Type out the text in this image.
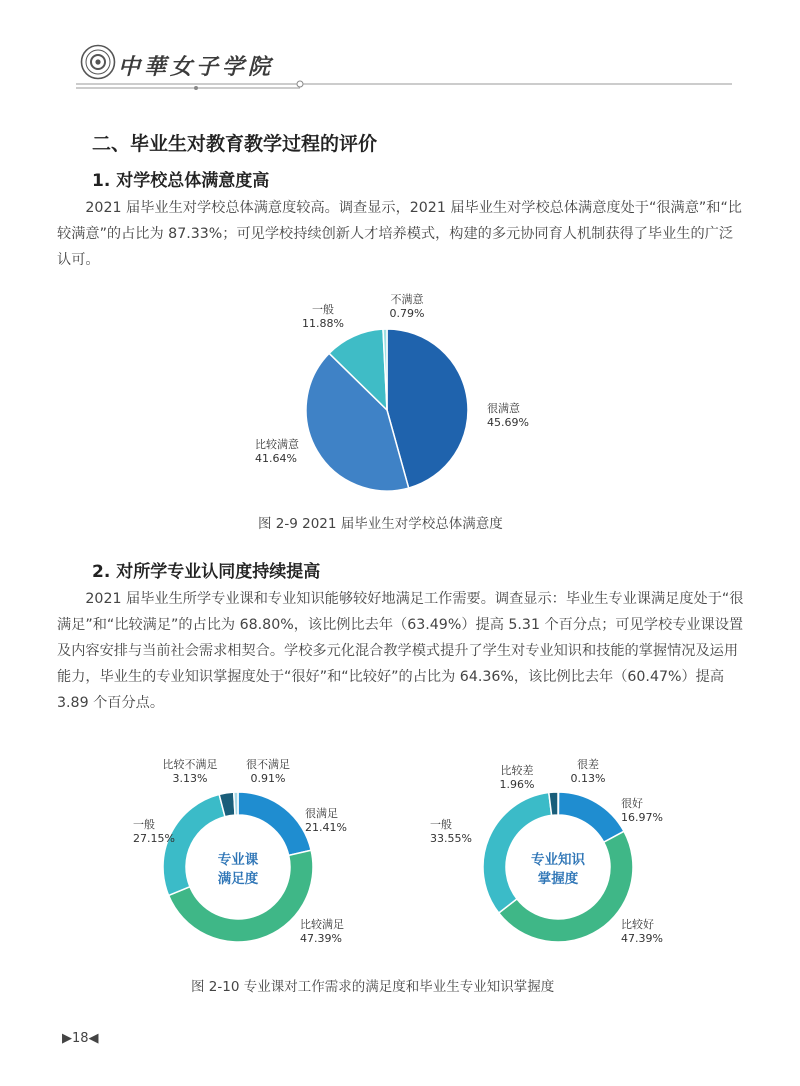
中華女子学院
二、毕业生对教育教学过程的评价
1. 对学校总体满意度高

2021 届毕业生对学校总体满意度较高。调查显示，2021 届毕业生对学校总体满意度处于“很满意”和“比较满意”的占比为 87.33%；可见学校持续创新人才培养模式，构建的多元协同育人机制获得了毕业生的广泛认可。

很满意
45.69%
比较满意
41.64%
一般
11.88%
不满意
0.79%
图 2-9 2021 届毕业生对学校总体满意度
2. 对所学专业认同度持续提高

2021 届毕业生所学专业课和专业知识能够较好地满足工作需要。调查显示：毕业生专业课满足度处于“很满足”和“比较满足”的占比为 68.80%，该比例比去年（63.49%）提高 5.31 个百分点；可见学校专业课设置及内容安排与当前社会需求相契合。学校多元化混合教学模式提升了学生对专业知识和技能的掌握情况及运用能力，毕业生的专业知识掌握度处于“很好”和“比较好”的占比为 64.36%，该比例比去年（60.47%）提高 3.89 个百分点。

很满足
21.41%
比较满足
47.39%
一般
27.15%
比较不满足
3.13%
很不满足
0.91%
专业课
满足度
很差
0.13%
很好
16.97%
比较好
47.39%
一般
33.55%
比较差
1.96%
专业知识
掌握度
图 2-10 专业课对工作需求的满足度和毕业生专业知识掌握度
▶18◀
